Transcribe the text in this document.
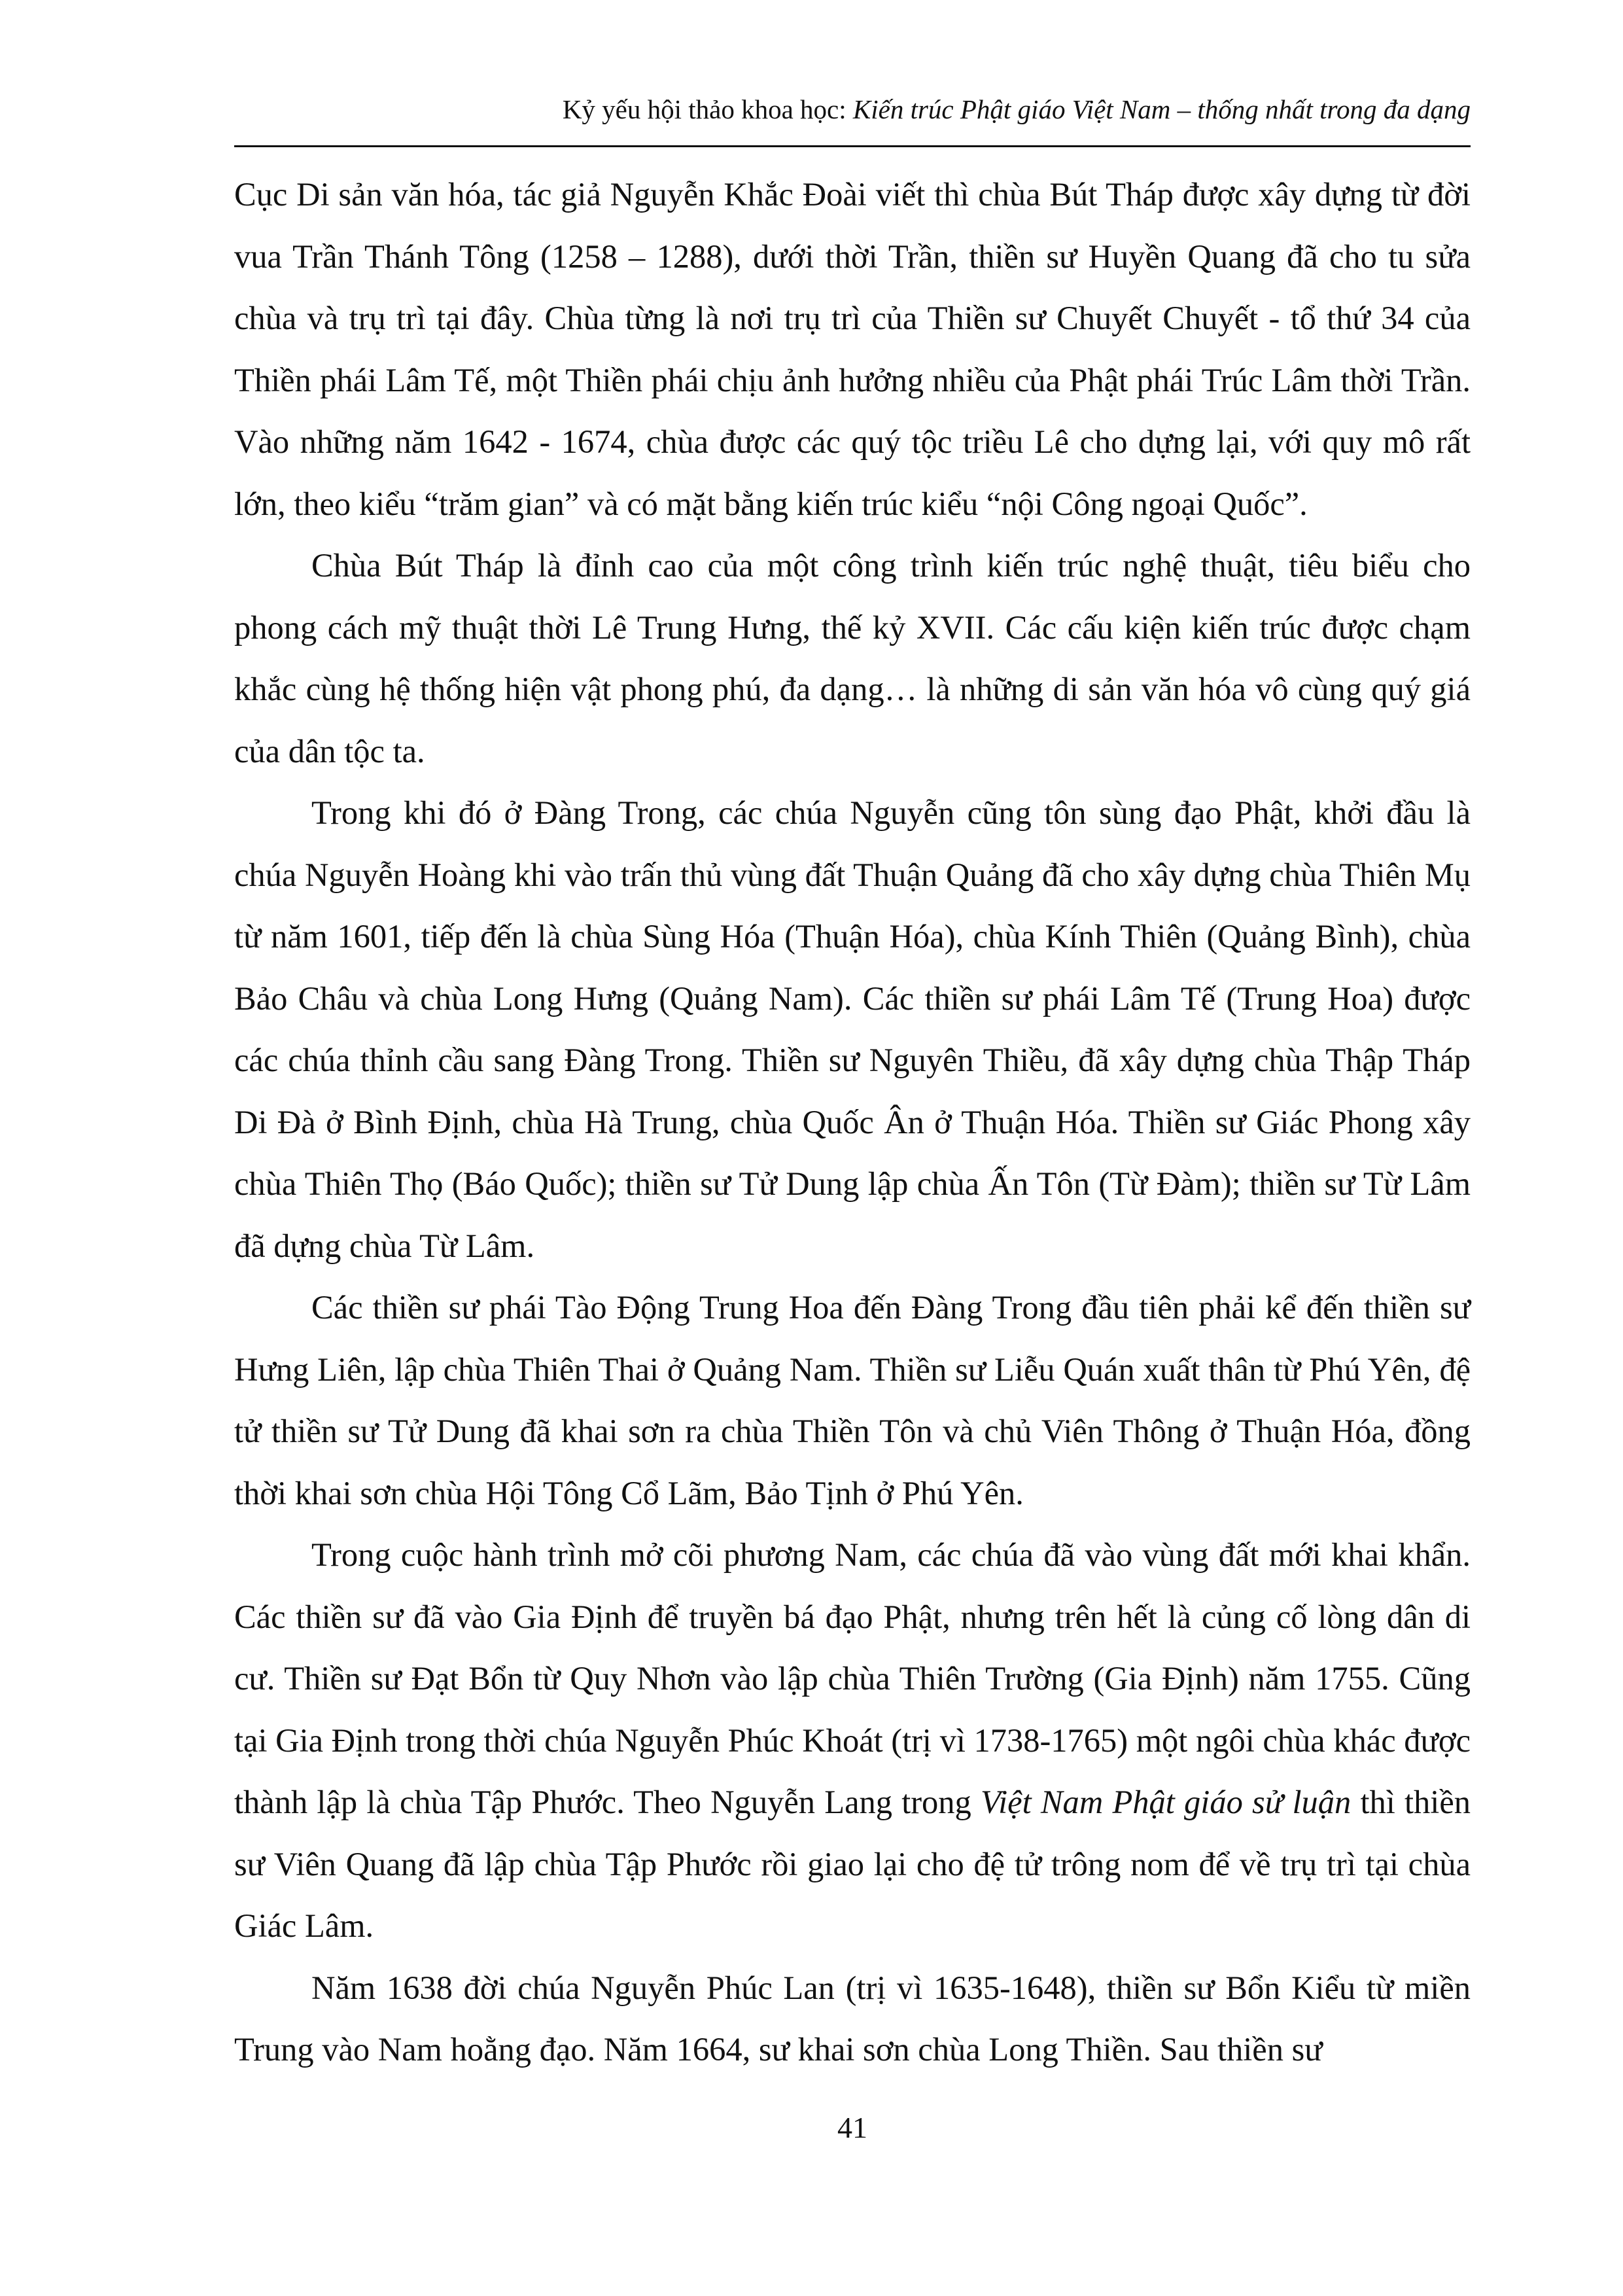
Kỷ yếu hội thảo khoa học: Kiến trúc Phật giáo Việt Nam – thống nhất trong đa dạng

Cục Di sản văn hóa, tác giả Nguyễn Khắc Đoài viết thì chùa Bút Tháp được xây dựng từ đời vua Trần Thánh Tông (1258 – 1288), dưới thời Trần, thiền sư Huyền Quang đã cho tu sửa chùa và trụ trì tại đây. Chùa từng là nơi trụ trì của Thiền sư Chuyết Chuyết - tổ thứ 34 của Thiền phái Lâm Tế, một Thiền phái chịu ảnh hưởng nhiều của Phật phái Trúc Lâm thời Trần. Vào những năm 1642 - 1674, chùa được các quý tộc triều Lê cho dựng lại, với quy mô rất lớn, theo kiểu “trăm gian” và có mặt bằng kiến trúc kiểu “nội Công ngoại Quốc”.

Chùa Bút Tháp là đỉnh cao của một công trình kiến trúc nghệ thuật, tiêu biểu cho phong cách mỹ thuật thời Lê Trung Hưng, thế kỷ XVII. Các cấu kiện kiến trúc được chạm khắc cùng hệ thống hiện vật phong phú, đa dạng… là những di sản văn hóa vô cùng quý giá của dân tộc ta.

Trong khi đó ở Đàng Trong, các chúa Nguyễn cũng tôn sùng đạo Phật, khởi đầu là chúa Nguyễn Hoàng khi vào trấn thủ vùng đất Thuận Quảng đã cho xây dựng chùa Thiên Mụ từ năm 1601, tiếp đến là chùa Sùng Hóa (Thuận Hóa), chùa Kính Thiên (Quảng Bình), chùa Bảo Châu và chùa Long Hưng (Quảng Nam). Các thiền sư phái Lâm Tế (Trung Hoa) được các chúa thỉnh cầu sang Đàng Trong. Thiền sư Nguyên Thiều, đã xây dựng chùa Thập Tháp Di Đà ở Bình Định, chùa Hà Trung, chùa Quốc Ân ở Thuận Hóa. Thiền sư Giác Phong xây chùa Thiên Thọ (Báo Quốc); thiền sư Tử Dung lập chùa Ấn Tôn (Từ Đàm); thiền sư Từ Lâm đã dựng chùa Từ Lâm.

Các thiền sư phái Tào Động Trung Hoa đến Đàng Trong đầu tiên phải kể đến thiền sư Hưng Liên, lập chùa Thiên Thai ở Quảng Nam. Thiền sư Liễu Quán xuất thân từ Phú Yên, đệ tử thiền sư Tử Dung đã khai sơn ra chùa Thiền Tôn và chủ Viên Thông ở Thuận Hóa, đồng thời khai sơn chùa Hội Tông Cổ Lãm, Bảo Tịnh ở Phú Yên.

Trong cuộc hành trình mở cõi phương Nam, các chúa đã vào vùng đất mới khai khẩn. Các thiền sư đã vào Gia Định để truyền bá đạo Phật, nhưng trên hết là củng cố lòng dân di cư. Thiền sư Đạt Bổn từ Quy Nhơn vào lập chùa Thiên Trường (Gia Định) năm 1755. Cũng tại Gia Định trong thời chúa Nguyễn Phúc Khoát (trị vì 1738-1765) một ngôi chùa khác được thành lập là chùa Tập Phước. Theo Nguyễn Lang trong Việt Nam Phật giáo sử luận thì thiền sư Viên Quang đã lập chùa Tập Phước rồi giao lại cho đệ tử trông nom để về trụ trì tại chùa Giác Lâm.

Năm 1638 đời chúa Nguyễn Phúc Lan (trị vì 1635-1648), thiền sư Bổn Kiểu từ miền Trung vào Nam hoằng đạo. Năm 1664, sư khai sơn chùa Long Thiền. Sau thiền sư

41
